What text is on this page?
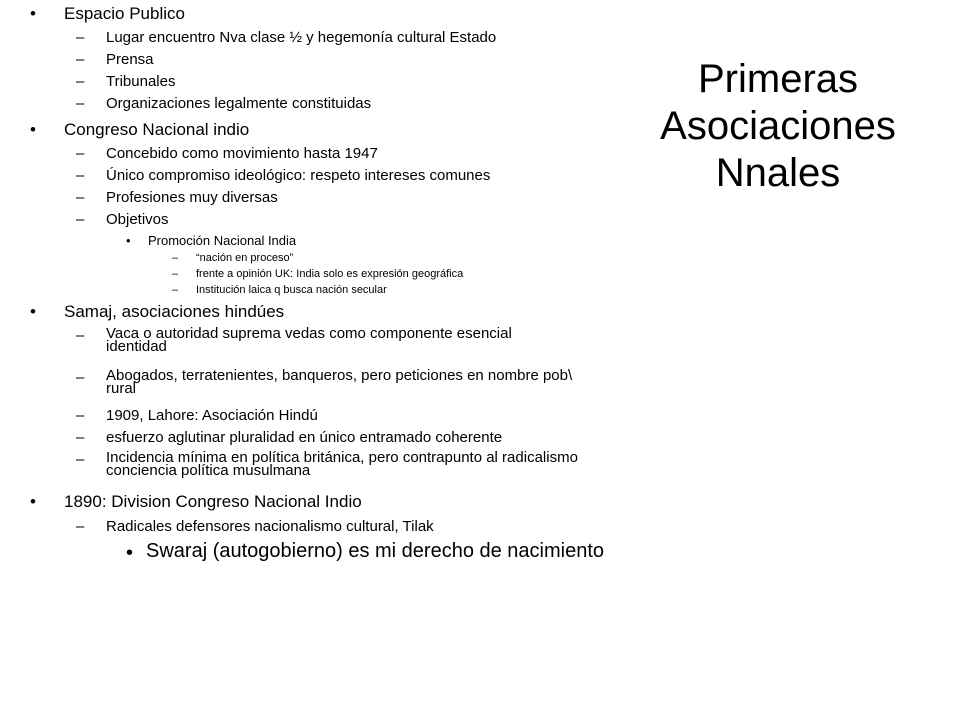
Primeras
Asociaciones
Nnales
• Espacio Publico
– Lugar encuentro Nva clase ½ y hegemonía cultural Estado
– Prensa
– Tribunales
– Organizaciones legalmente constituidas
• Congreso Nacional indio
– Concebido como movimiento hasta 1947
– Único compromiso ideológico: respeto intereses comunes
– Profesiones muy diversas
– Objetivos
• Promoción Nacional India
– “nación en proceso”
– frente a opinión UK: India solo es expresión geográfica
– Institución laica q busca nación secular
• Samaj, asociaciones hindúes
– Vaca o autoridad suprema vedas como componente esencial identidad
– Abogados, terratenientes, banqueros, pero peticiones en nombre pob\ rural
– 1909, Lahore: Asociación Hindú
– esfuerzo aglutinar pluralidad en único entramado coherente
– Incidencia mínima en política británica, pero contrapunto al radicalismo conciencia política musulmana
• 1890: Division Congreso Nacional Indio
– Radicales defensores nacionalismo cultural, Tilak
• Swaraj (autogobierno) es mi derecho de nacimiento
